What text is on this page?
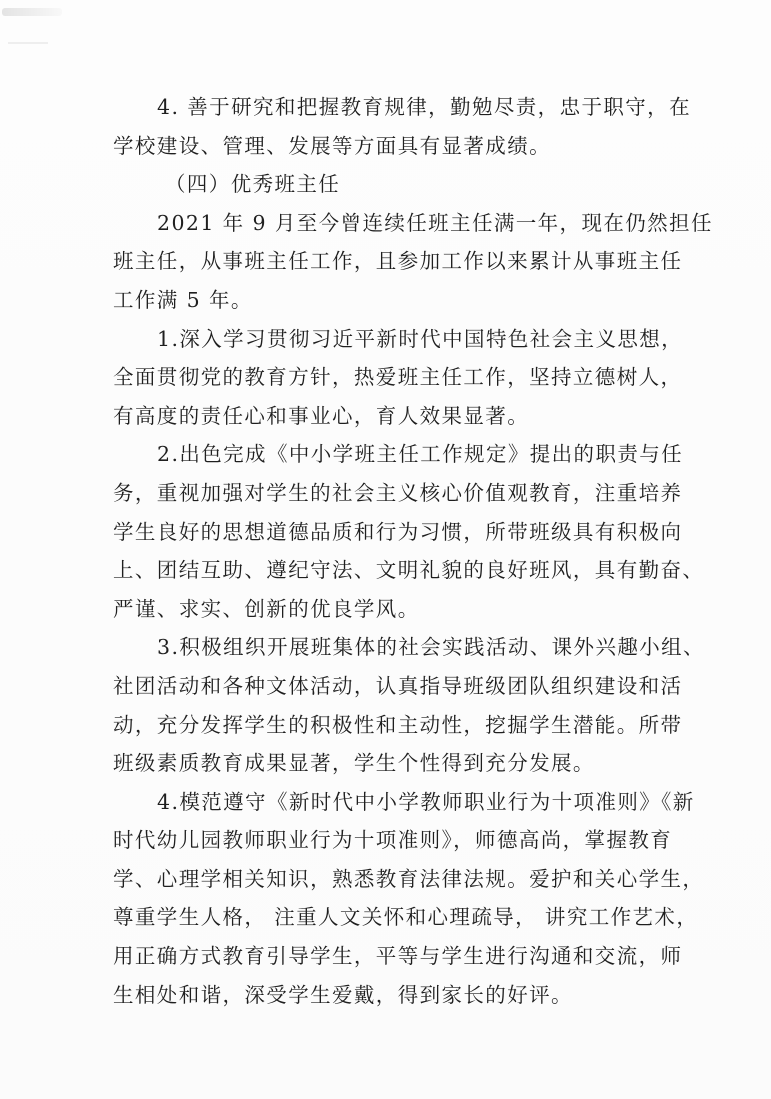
4. 善于研究和把握教育规律，勤勉尽责，忠于职守，在
学校建设、管理、发展等方面具有显著成绩。
（四）优秀班主任
2021 年 9 月至今曾连续任班主任满一年，现在仍然担任
班主任，从事班主任工作，且参加工作以来累计从事班主任
工作满 5 年。
1.深入学习贯彻习近平新时代中国特色社会主义思想，
全面贯彻党的教育方针，热爱班主任工作，坚持立德树人，
有高度的责任心和事业心，育人效果显著。
2.出色完成《中小学班主任工作规定》提出的职责与任
务，重视加强对学生的社会主义核心价值观教育，注重培养
学生良好的思想道德品质和行为习惯，所带班级具有积极向
上、团结互助、遵纪守法、文明礼貌的良好班风，具有勤奋、
严谨、求实、创新的优良学风。
3.积极组织开展班集体的社会实践活动、课外兴趣小组、
社团活动和各种文体活动，认真指导班级团队组织建设和活
动，充分发挥学生的积极性和主动性，挖掘学生潜能。所带
班级素质教育成果显著，学生个性得到充分发展。
4.模范遵守《新时代中小学教师职业行为十项准则》《新
时代幼儿园教师职业行为十项准则》，师德高尚，掌握教育
学、心理学相关知识，熟悉教育法律法规。爱护和关心学生，
尊重学生人格， 注重人文关怀和心理疏导， 讲究工作艺术，
用正确方式教育引导学生，平等与学生进行沟通和交流，师
生相处和谐，深受学生爱戴，得到家长的好评。
